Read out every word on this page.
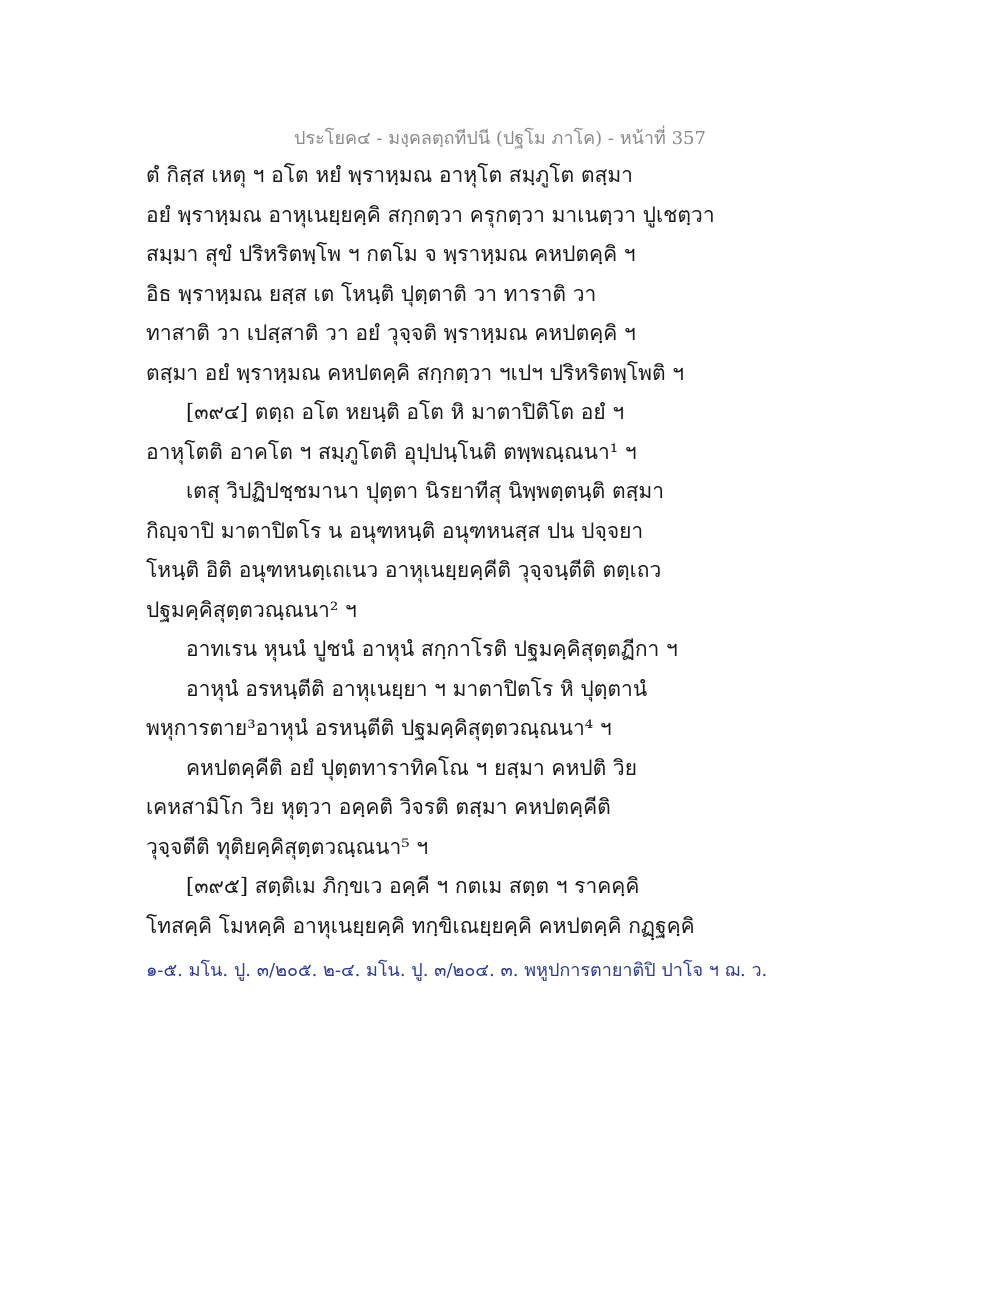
ประโยค๔ - มงฺคลตฺถทีปนี (ปฐโม ภาโค) - หน้าที่ 357
ตํ กิสฺส เหตุ ฯ อโต หยํ พฺราหฺมณ อาหุโต สมฺภูโต ตสฺมา
อยํ พฺราหฺมณ อาหุเนยฺยคฺคิ สกฺกตฺวา ครุกตฺวา มาเนตฺวา ปูเชตฺวา
สมฺมา สุขํ ปริหริตพฺโพ ฯ กตโม จ พฺราหฺมณ คหปตคฺคิ ฯ
อิธ พฺราหฺมณ ยสฺส เต โหนฺติ ปุตฺตาติ วา ทาราติ วา
ทาสาติ วา เปสฺสาติ วา อยํ วุจฺจติ พฺราหฺมณ คหปตคฺคิ ฯ
ตสฺมา อยํ พฺราหฺมณ คหปตคฺคิ สกฺกตฺวา ฯเปฯ ปริหริตพฺโพติ ฯ
[๓๙๔] ตตฺถ อโต หยนฺติ อโต หิ มาตาปิติโต อยํ ฯ
อาหุโตติ อาคโต ฯ สมฺภูโตติ อุปฺปนฺโนติ ตพฺพณฺณนา¹ ฯ
เตสุ วิปฏิปชฺชมานา ปุตฺตา นิรยาทีสุ นิพฺพตฺตนฺติ ตสฺมา
กิญฺจาปิ มาตาปิตโร น อนุฑหนฺติ อนุฑหนสฺส ปน ปจฺจยา
โหนฺติ อิติ อนุฑหนตฺเถเนว อาหุเนยฺยคฺคีติ วุจฺจนฺตีติ ตตฺเถว
ปฐมคฺคิสุตฺตวณฺณนา² ฯ
อาทเรน หุนนํ ปูชนํ อาหุนํ สกฺกาโรติ ปฐมคฺคิสุตฺตฏีกา ฯ
อาหุนํ อรหนฺตีติ อาหุเนยฺยา ฯ มาตาปิตโร หิ ปุตฺตานํ
พหุการตาย³อาหุนํ อรหนฺตีติ ปฐมคฺคิสุตฺตวณฺณนา⁴ ฯ
คหปตคฺคีติ อยํ ปุตฺตทาราทิคโณ ฯ ยสฺมา คหปติ วิย
เคหสามิโก วิย หุตฺวา อคฺคติ วิจรติ ตสฺมา คหปตคฺคีติ
วุจฺจตีติ ทุติยคฺคิสุตฺตวณฺณนา⁵ ฯ
[๓๙๕] สตฺติเม ภิกฺขเว อคฺคี ฯ กตเม สตฺต ฯ ราคคฺคิ
โทสคฺคิ โมหคฺคิ อาหุเนยฺยคฺคิ ทกฺขิเณยฺยคฺคิ คหปตคฺคิ กฏฺฐคฺคิ
๑-๕. มโน. ปู. ๓/๒๐๕. ๒-๔. มโน. ปู. ๓/๒๐๔. ๓. พหูปการตายาติปิ ปาโจ ฯ ฌ. ว.
